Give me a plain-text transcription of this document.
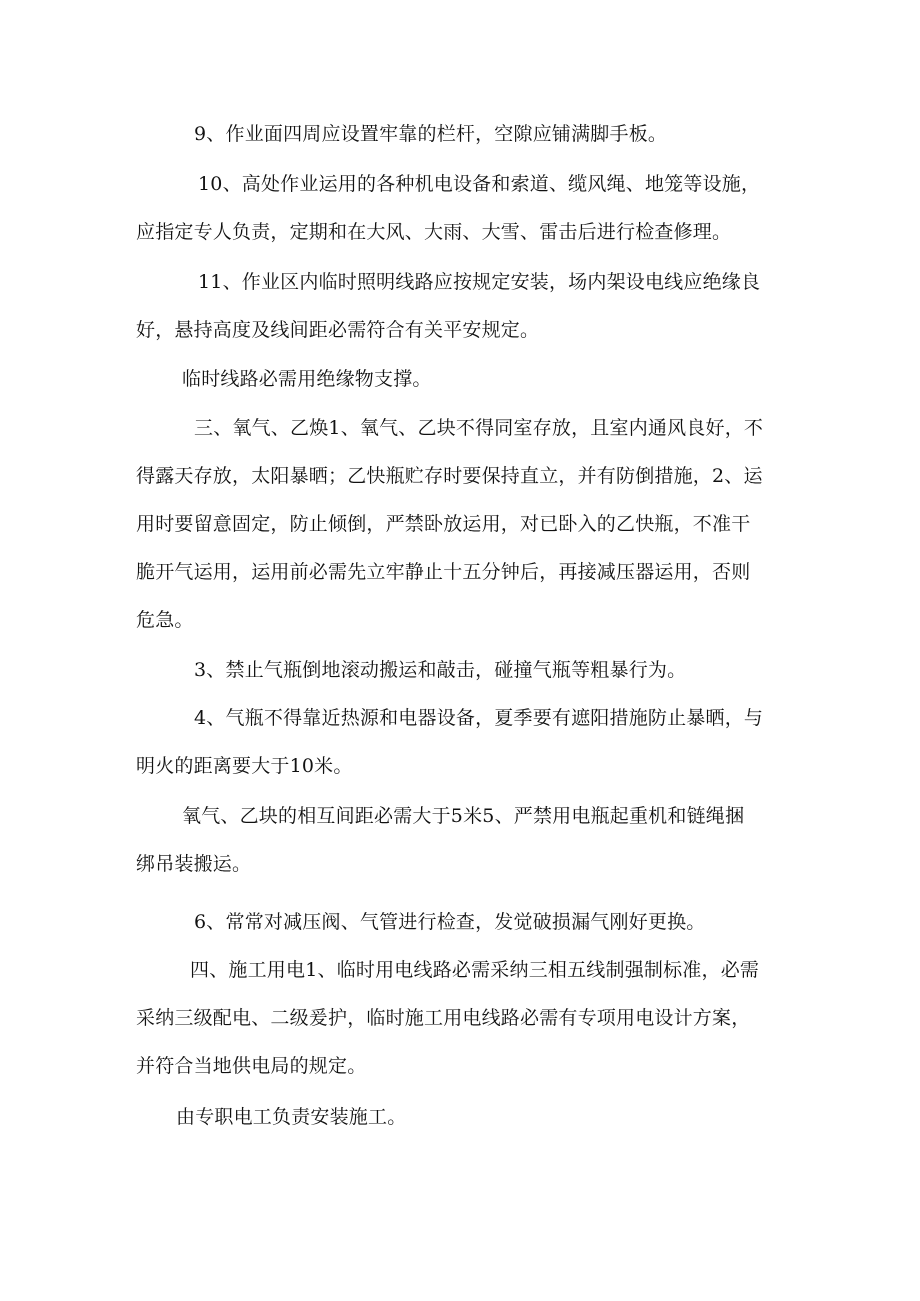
9、作业面四周应设置牢靠的栏杆，空隙应铺满脚手板。

10、高处作业运用的各种机电设备和索道、缆风绳、地笼等设施，
应指定专人负责，定期和在大风、大雨、大雪、雷击后进行检查修理。

11、作业区内临时照明线路应按规定安装，场内架设电线应绝缘良
好，悬持高度及线间距必需符合有关平安规定。

临时线路必需用绝缘物支撑。

三、氧气、乙焕1、氧气、乙块不得同室存放，且室内通风良好，不
得露天存放，太阳暴晒；乙快瓶贮存时要保持直立，并有防倒措施，2、运
用时要留意固定，防止倾倒，严禁卧放运用，对已卧入的乙快瓶，不准干
脆开气运用，运用前必需先立牢静止十五分钟后，再接减压器运用，否则
危急。

3、禁止气瓶倒地滚动搬运和敲击，碰撞气瓶等粗暴行为。

4、气瓶不得靠近热源和电器设备，夏季要有遮阳措施防止暴晒，与
明火的距离要大于10米。

氧气、乙块的相互间距必需大于5米5、严禁用电瓶起重机和链绳捆
绑吊装搬运。

6、常常对减压阀、气管进行检查，发觉破损漏气刚好更换。

四、施工用电1、临时用电线路必需采纳三相五线制强制标准，必需
采纳三级配电、二级爰护，临时施工用电线路必需有专项用电设计方案，
并符合当地供电局的规定。

由专职电工负责安装施工。
